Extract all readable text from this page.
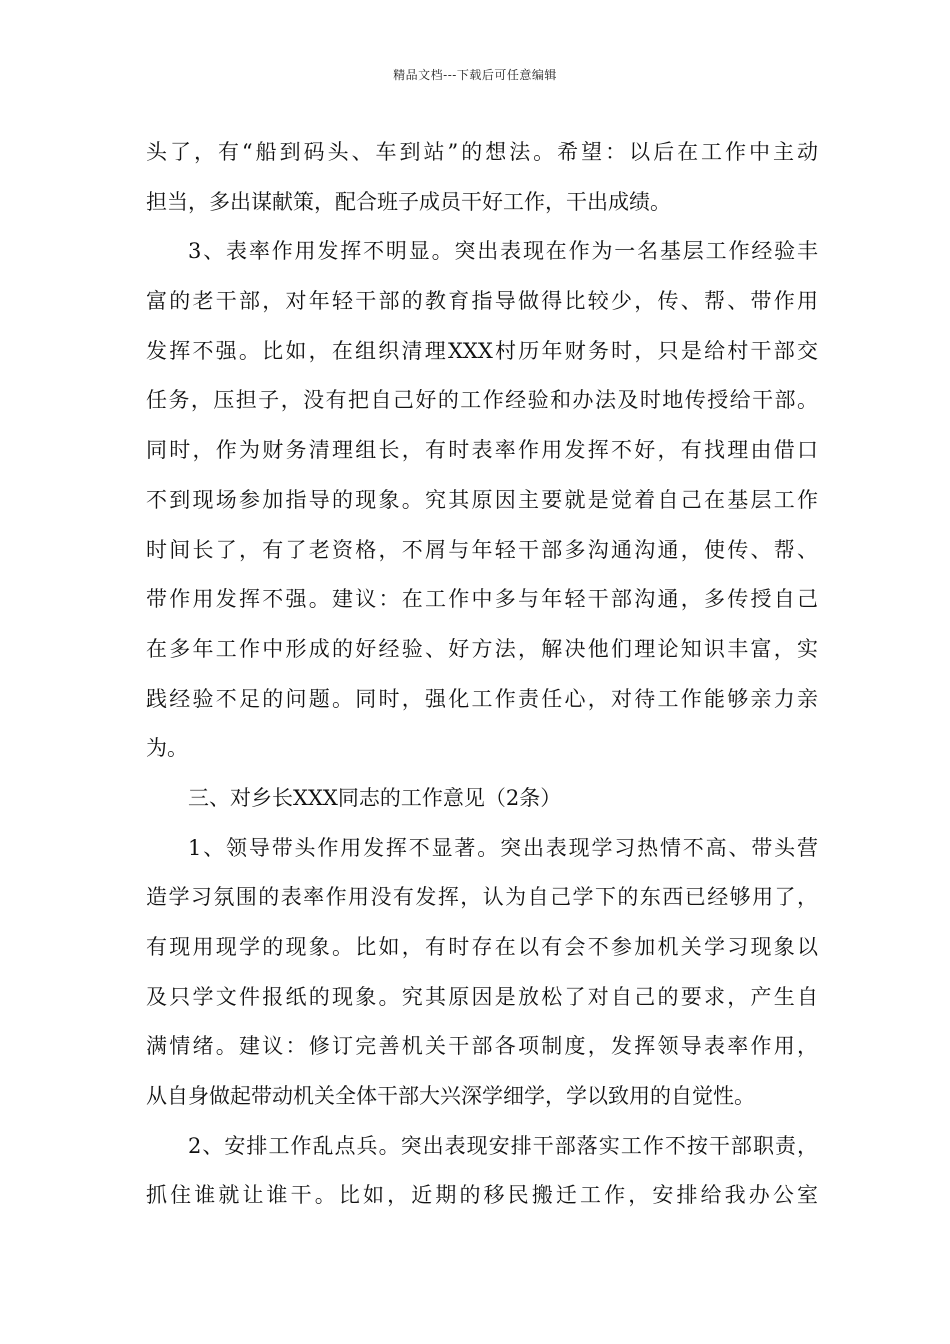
精品文档---下载后可任意编辑
头了，有“船到码头、车到站”的想法。希望：以后在工作中主动
担当，多出谋献策，配合班子成员干好工作，干出成绩。
3、表率作用发挥不明显。突出表现在作为一名基层工作经验丰
富的老干部，对年轻干部的教育指导做得比较少，传、帮、带作用
发挥不强。比如，在组织清理XXX村历年财务时，只是给村干部交
任务，压担子，没有把自己好的工作经验和办法及时地传授给干部。
同时，作为财务清理组长，有时表率作用发挥不好，有找理由借口
不到现场参加指导的现象。究其原因主要就是觉着自己在基层工作
时间长了，有了老资格，不屑与年轻干部多沟通沟通，使传、帮、
带作用发挥不强。建议：在工作中多与年轻干部沟通，多传授自己
在多年工作中形成的好经验、好方法，解决他们理论知识丰富，实
践经验不足的问题。同时，强化工作责任心，对待工作能够亲力亲
为。
三、对乡长XXX同志的工作意见（2条）
1、领导带头作用发挥不显著。突出表现学习热情不高、带头营
造学习氛围的表率作用没有发挥，认为自己学下的东西已经够用了，
有现用现学的现象。比如，有时存在以有会不参加机关学习现象以
及只学文件报纸的现象。究其原因是放松了对自己的要求，产生自
满情绪。建议：修订完善机关干部各项制度，发挥领导表率作用，
从自身做起带动机关全体干部大兴深学细学，学以致用的自觉性。
2、安排工作乱点兵。突出表现安排干部落实工作不按干部职责，
抓住谁就让谁干。比如，近期的移民搬迁工作，安排给我办公室
